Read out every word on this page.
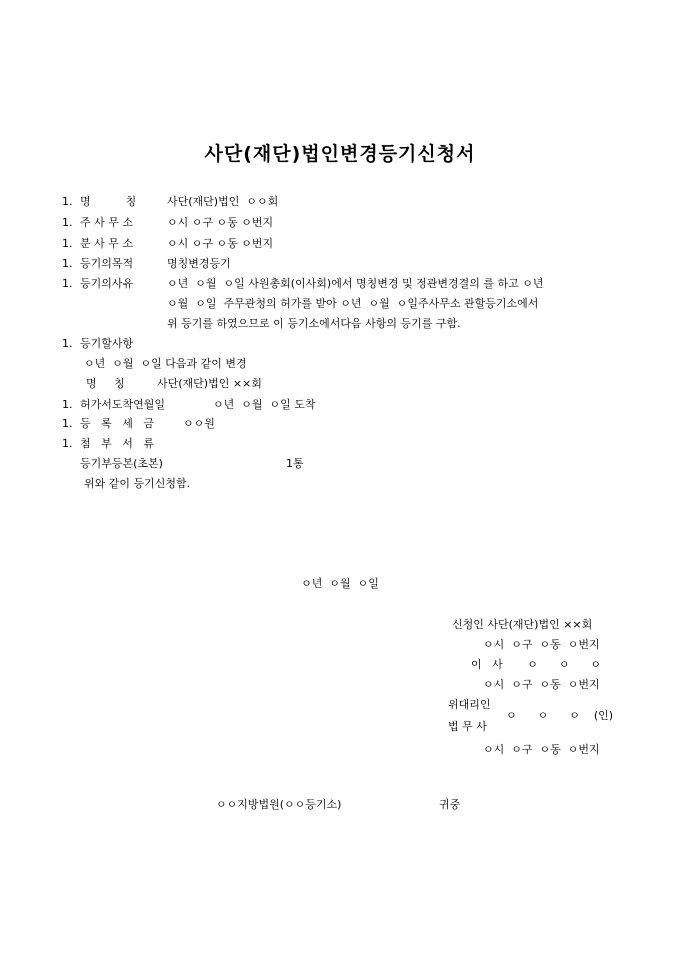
사단(재단)법인변경등기신청서
1. 명          칭	사단(재단)법인  ㅇㅇ회
1. 주 사 무 소	ㅇ시 ㅇ구 ㅇ동 ㅇ번지
1. 분 사 무 소	ㅇ시 ㅇ구 ㅇ동 ㅇ번지
1. 등기의목적	명칭변경등기
1. 등기의사유	ㅇ년  ㅇ월  ㅇ일 사원총회(이사회)에서 명칭변경 및 정관변경결의 를 하고 ㅇ년
ㅇ월  ㅇ일  주무관청의 허가를 받아 ㅇ년  ㅇ월  ㅇ일주사무소 관할등기소에서
위 등기를 하였으므로 이 등기소에서다음 사항의 등기를 구함.
1. 등기할사항
ㅇ년  ㅇ월  ㅇ일 다음과 같이 변경
명     칭	사단(재단)법인 ××회
1. 허가서도착연월일	ㅇ년  ㅇ월  ㅇ일 도착
1. 등   록   세   금	ㅇㅇ원
1. 첨   부   서   류
등기부등본(초본)	1통
위와 같이 등기신청함.
ㅇ년  ㅇ월  ㅇ일
신청인 사단(재단)법인 ××회
ㅇ시  ㅇ구  ㅇ동  ㅇ번지
이   사       ㅇ      ㅇ      ㅇ
ㅇ시  ㅇ구  ㅇ동  ㅇ번지
위대리인
ㅇ      ㅇ      ㅇ    (인)
법 무 사
ㅇ시  ㅇ구  ㅇ동  ㅇ번지
ㅇㅇ지방법원(ㅇㅇ등기소)	귀중
